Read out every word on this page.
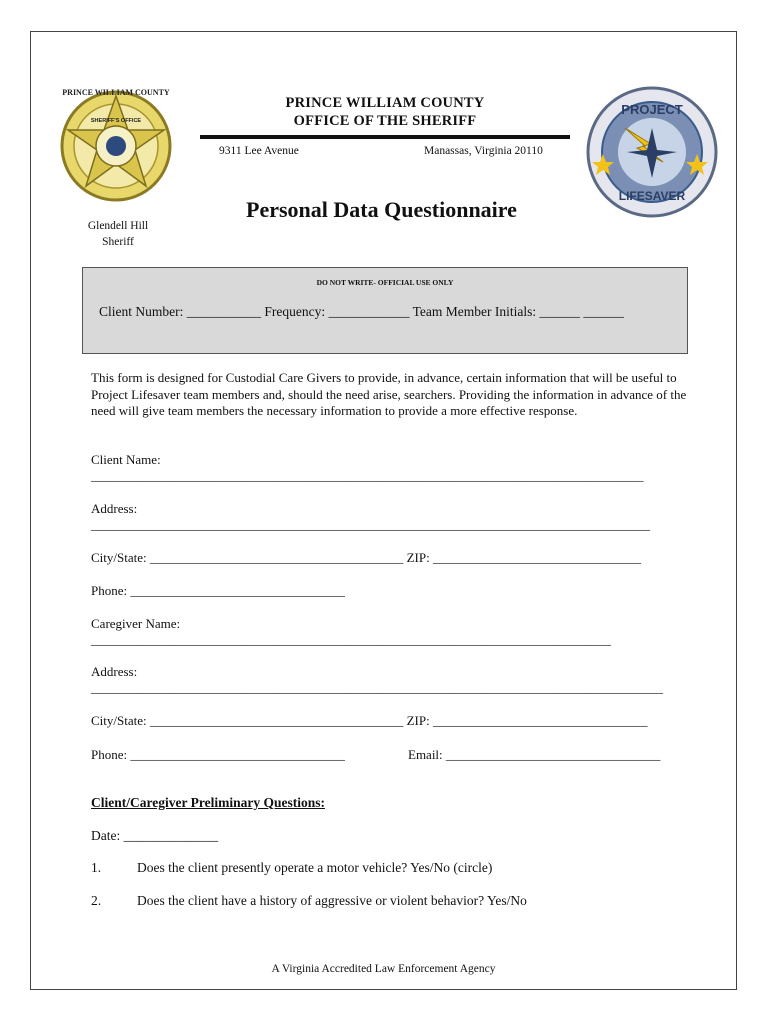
PRINCE WILLIAM COUNTY
SHERIFF'S OFFICE
PROJECT
LIFESAVER
PRINCE WILLIAM COUNTY
OFFICE OF THE SHERIFF
9311 Lee Avenue	Manassas, Virginia 20110
Personal Data Questionnaire
Glendell Hill
Sheriff
DO NOT WRITE- OFFICIAL USE ONLY
Client Number: ___________ Frequency: ____________ Team Member Initials: ______ ______
This form is designed for Custodial Care Givers to provide, in advance, certain information that will be useful to Project Lifesaver team members and, should the need arise, searchers. Providing the information in advance of the need will give team members the necessary information to provide a more effective response.
Client Name:
_____________________________________________________________________________________
Address:
______________________________________________________________________________________
City/State: _______________________________________ ZIP: ________________________________
Phone: _________________________________
Caregiver Name:
________________________________________________________________________________
Address:
________________________________________________________________________________________
City/State: _______________________________________ ZIP: _________________________________
Phone: _________________________________	Email: _________________________________
Client/Caregiver Preliminary Questions:
Date: ______________
1.	Does the client presently operate a motor vehicle? Yes/No (circle)
2.	Does the client have a history of aggressive or violent behavior? Yes/No
A Virginia Accredited Law Enforcement Agency
